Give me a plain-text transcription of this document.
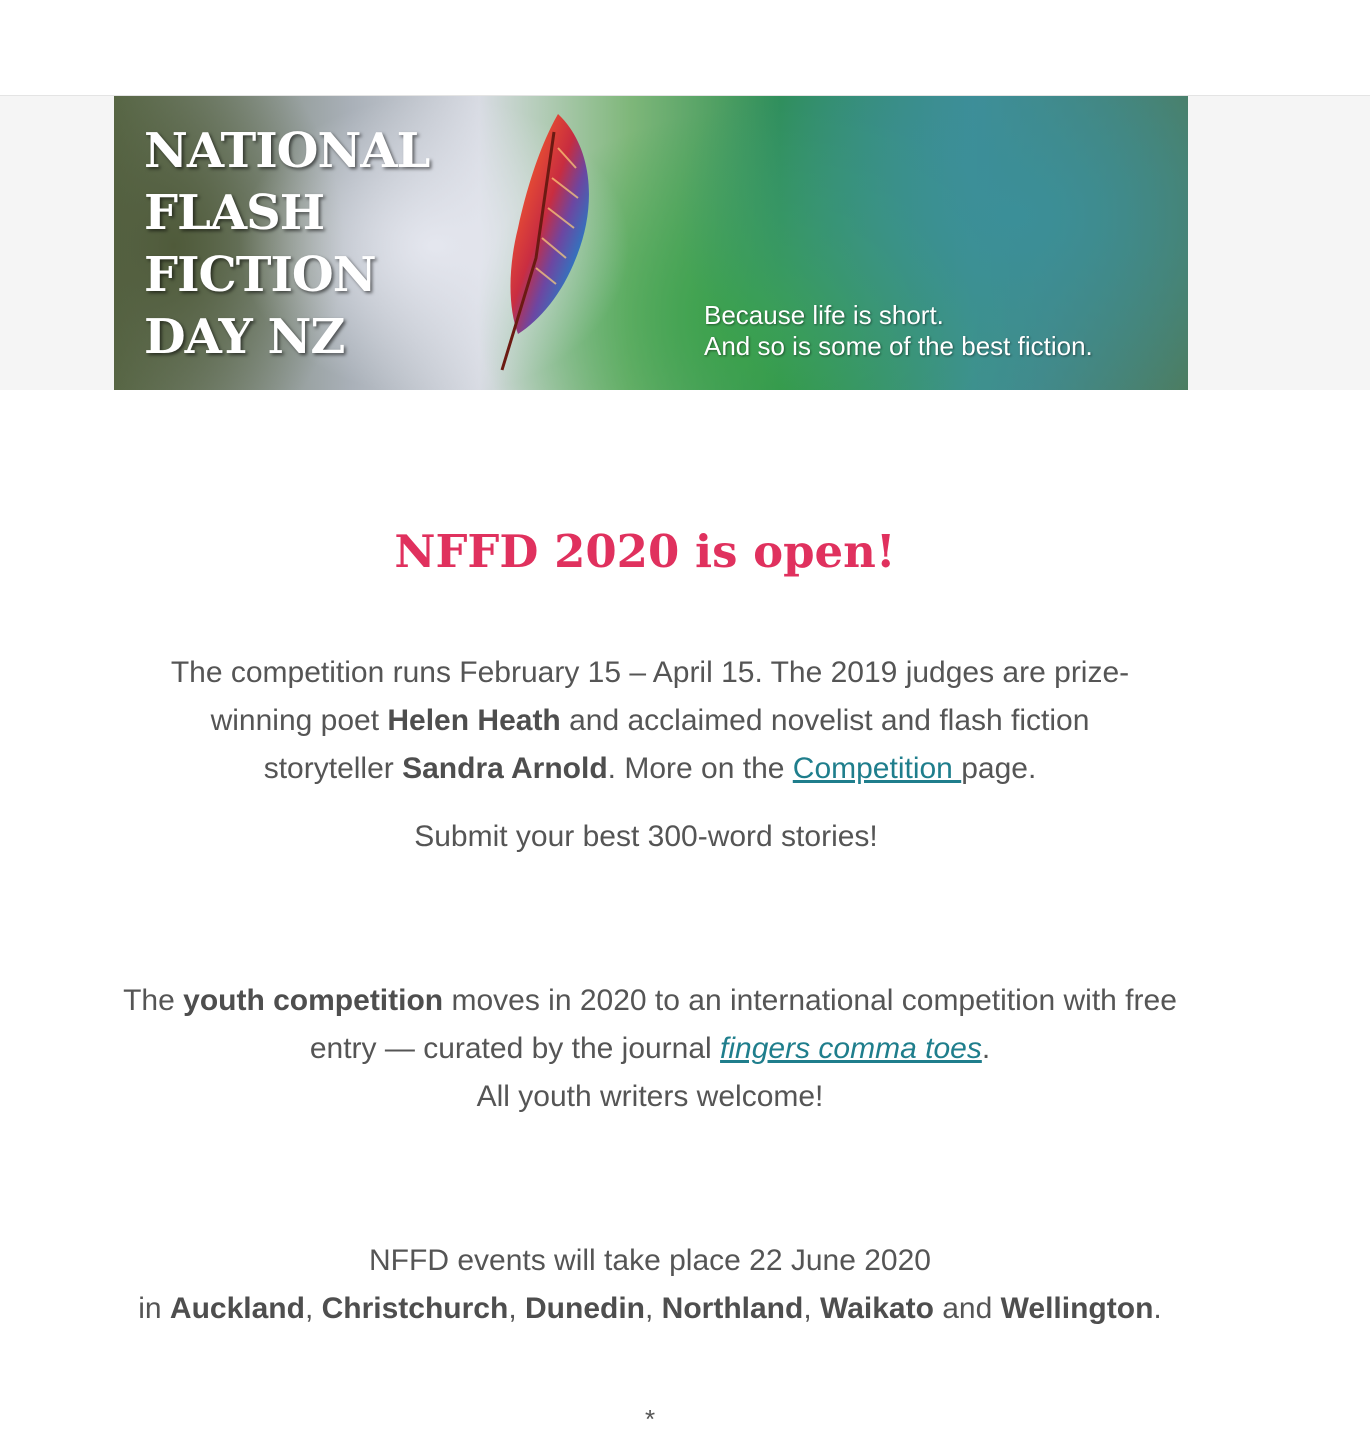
NATIONAL
FLASH
FICTION
DAY NZ	Because life is short.
And so is some of the best fiction.
NFFD 2020 is open!
The competition runs February 15 – April 15. The 2019 judges are prize-
winning poet Helen Heath and acclaimed novelist and flash fiction
storyteller Sandra Arnold. More on the Competition page.

Submit your best 300-word stories!

The youth competition moves in 2020 to an international competition with free
entry — curated by the journal fingers comma toes.
All youth writers welcome!
NFFD events will take place 22 June 2020
in Auckland, Christchurch, Dunedin, Northland, Waikato and Wellington.
*
